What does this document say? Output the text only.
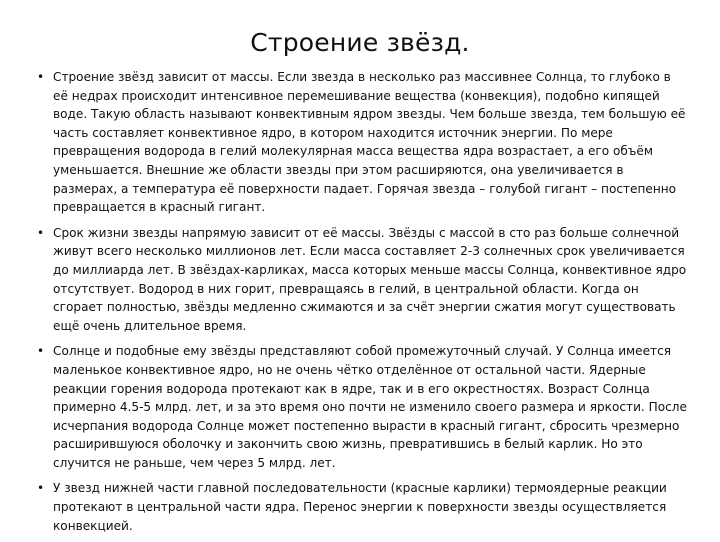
Строение звёзд.
• Строение звёзд зависит от массы. Если звезда в несколько раз массивнее Солнца, то глубоко в её недрах происходит интенсивное перемешивание вещества (конвекция), подобно кипящей воде. Такую область называют конвективным ядром звезды. Чем больше звезда, тем большую её часть составляет конвективное ядро, в котором находится источник энергии. По мере превращения водорода в гелий молекулярная масса вещества ядра возрастает, а его объём уменьшается. Внешние же области звезды при этом расширяются, она увеличивается в размерах, а температура её поверхности падает. Горячая звезда – голубой гигант – постепенно превращается в красный гигант.
• Срок жизни звезды напрямую зависит от её массы. Звёзды с массой в сто раз больше солнечной живут всего несколько миллионов лет. Если масса составляет 2-3 солнечных срок увеличивается до миллиарда лет. В звёздах-карликах, масса которых меньше массы Солнца, конвективное ядро отсутствует. Водород в них горит, превращаясь в гелий, в центральной области. Когда он сгорает полностью, звёзды медленно сжимаются и за счёт энергии сжатия могут существовать ещё очень длительное время.
• Солнце и подобные ему звёзды представляют собой промежуточный случай. У Солнца имеется маленькое конвективное ядро, но не очень чётко отделённое от остальной части. Ядерные реакции горения водорода протекают как в ядре, так и в его окрестностях. Возраст Солнца примерно 4.5-5 млрд. лет, и за это время оно почти не изменило своего размера и яркости. После исчерпания водорода Солнце может постепенно вырасти в красный гигант, сбросить чрезмерно расширившуюся оболочку и закончить свою жизнь, превратившись в белый карлик. Но это случится не раньше, чем через 5 млрд. лет.
• У звезд нижней части главной последовательности (красные карлики) термоядерные реакции протекают в центральной части ядра. Перенос энергии к поверхности звезды осуществляется конвекцией.
